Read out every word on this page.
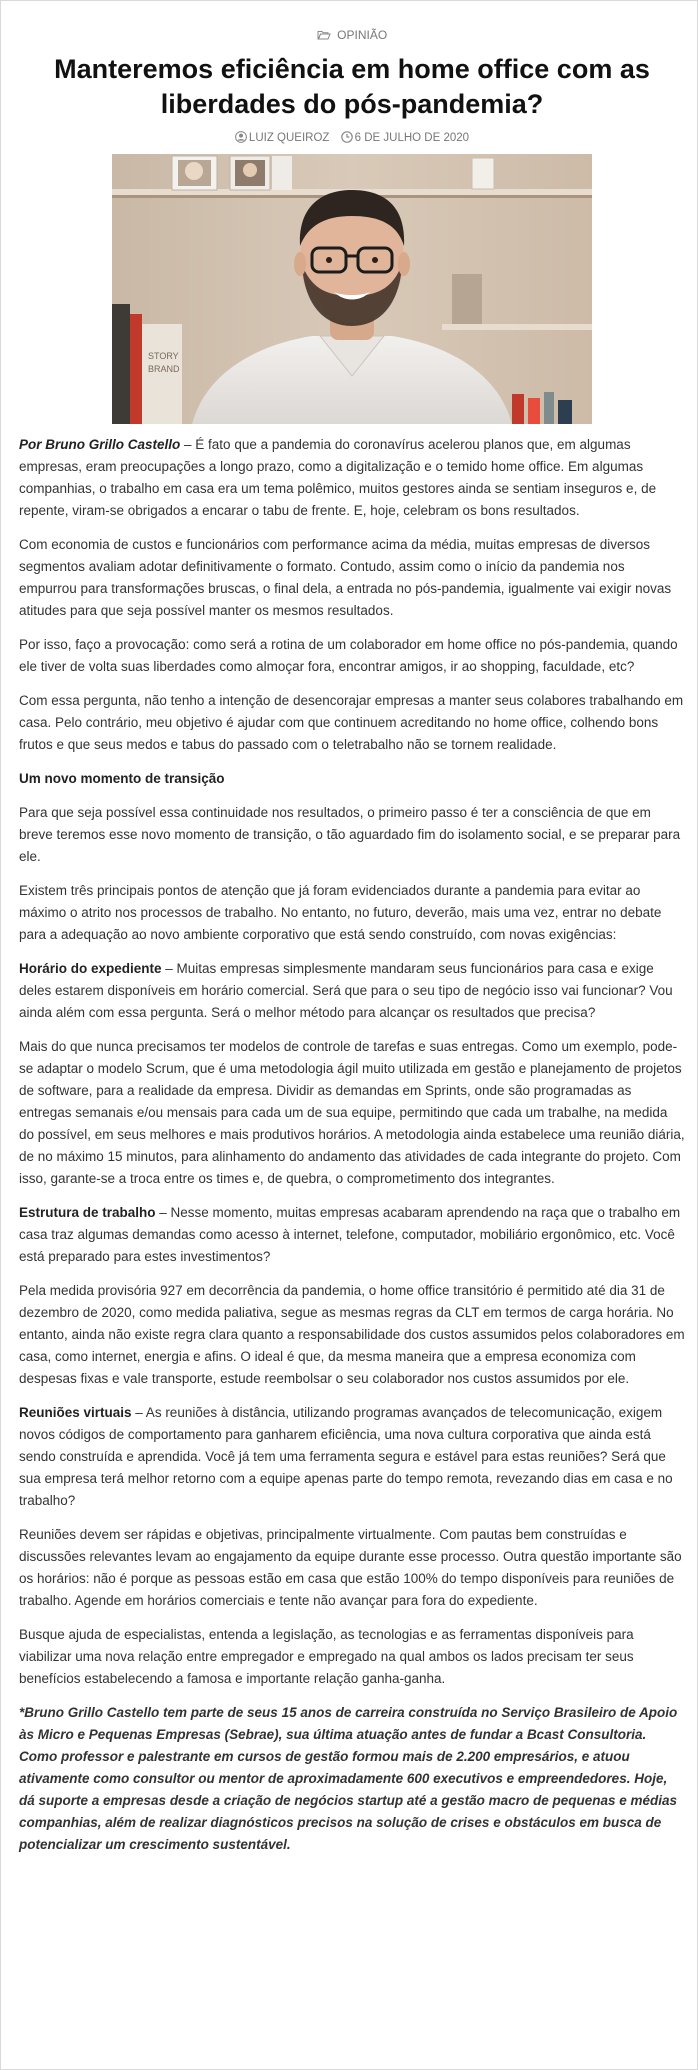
OPINIÃO
Manteremos eficiência em home office com as liberdades do pós-pandemia?
LUIZ QUEIROZ 6 DE JULHO DE 2020
STORY
BRAND

Por Bruno Grillo Castello – É fato que a pandemia do coronavírus acelerou planos que, em algumas empresas, eram preocupações a longo prazo, como a digitalização e o temido home office. Em algumas companhias, o trabalho em casa era um tema polêmico, muitos gestores ainda se sentiam inseguros e, de repente, viram-se obrigados a encarar o tabu de frente. E, hoje, celebram os bons resultados.

Com economia de custos e funcionários com performance acima da média, muitas empresas de diversos segmentos avaliam adotar definitivamente o formato. Contudo, assim como o início da pandemia nos empurrou para transformações bruscas, o final dela, a entrada no pós-pandemia, igualmente vai exigir novas atitudes para que seja possível manter os mesmos resultados.

Por isso, faço a provocação: como será a rotina de um colaborador em home office no pós-pandemia, quando ele tiver de volta suas liberdades como almoçar fora, encontrar amigos, ir ao shopping, faculdade, etc?

Com essa pergunta, não tenho a intenção de desencorajar empresas a manter seus colabores trabalhando em casa. Pelo contrário, meu objetivo é ajudar com que continuem acreditando no home office, colhendo bons frutos e que seus medos e tabus do passado com o teletrabalho não se tornem realidade.

Um novo momento de transição

Para que seja possível essa continuidade nos resultados, o primeiro passo é ter a consciência de que em breve teremos esse novo momento de transição, o tão aguardado fim do isolamento social, e se preparar para ele.

Existem três principais pontos de atenção que já foram evidenciados durante a pandemia para evitar ao máximo o atrito nos processos de trabalho. No entanto, no futuro, deverão, mais uma vez, entrar no debate para a adequação ao novo ambiente corporativo que está sendo construído, com novas exigências:

Horário do expediente – Muitas empresas simplesmente mandaram seus funcionários para casa e exige deles estarem disponíveis em horário comercial. Será que para o seu tipo de negócio isso vai funcionar? Vou ainda além com essa pergunta. Será o melhor método para alcançar os resultados que precisa?

Mais do que nunca precisamos ter modelos de controle de tarefas e suas entregas. Como um exemplo, pode-se adaptar o modelo Scrum, que é uma metodologia ágil muito utilizada em gestão e planejamento de projetos de software, para a realidade da empresa. Dividir as demandas em Sprints, onde são programadas as entregas semanais e/ou mensais para cada um de sua equipe, permitindo que cada um trabalhe, na medida do possível, em seus melhores e mais produtivos horários. A metodologia ainda estabelece uma reunião diária, de no máximo 15 minutos, para alinhamento do andamento das atividades de cada integrante do projeto. Com isso, garante-se a troca entre os times e, de quebra, o comprometimento dos integrantes.

Estrutura de trabalho – Nesse momento, muitas empresas acabaram aprendendo na raça que o trabalho em casa traz algumas demandas como acesso à internet, telefone, computador, mobiliário ergonômico, etc. Você está preparado para estes investimentos?

Pela medida provisória 927 em decorrência da pandemia, o home office transitório é permitido até dia 31 de dezembro de 2020, como medida paliativa, segue as mesmas regras da CLT em termos de carga horária. No entanto, ainda não existe regra clara quanto a responsabilidade dos custos assumidos pelos colaboradores em casa, como internet, energia e afins. O ideal é que, da mesma maneira que a empresa economiza com despesas fixas e vale transporte, estude reembolsar o seu colaborador nos custos assumidos por ele.

Reuniões virtuais – As reuniões à distância, utilizando programas avançados de telecomunicação, exigem novos códigos de comportamento para ganharem eficiência, uma nova cultura corporativa que ainda está sendo construída e aprendida. Você já tem uma ferramenta segura e estável para estas reuniões? Será que sua empresa terá melhor retorno com a equipe apenas parte do tempo remota, revezando dias em casa e no trabalho?

Reuniões devem ser rápidas e objetivas, principalmente virtualmente. Com pautas bem construídas e discussões relevantes levam ao engajamento da equipe durante esse processo. Outra questão importante são os horários: não é porque as pessoas estão em casa que estão 100% do tempo disponíveis para reuniões de trabalho. Agende em horários comerciais e tente não avançar para fora do expediente.

Busque ajuda de especialistas, entenda a legislação, as tecnologias e as ferramentas disponíveis para viabilizar uma nova relação entre empregador e empregado na qual ambos os lados precisam ter seus benefícios estabelecendo a famosa e importante relação ganha-ganha.

*Bruno Grillo Castello tem parte de seus 15 anos de carreira construída no Serviço Brasileiro de Apoio às Micro e Pequenas Empresas (Sebrae), sua última atuação antes de fundar a Bcast Consultoria. Como professor e palestrante em cursos de gestão formou mais de 2.200 empresários, e atuou ativamente como consultor ou mentor de aproximadamente 600 executivos e empreendedores. Hoje, dá suporte a empresas desde a criação de negócios startup até a gestão macro de pequenas e médias companhias, além de realizar diagnósticos precisos na solução de crises e obstáculos em busca de potencializar um crescimento sustentável.
